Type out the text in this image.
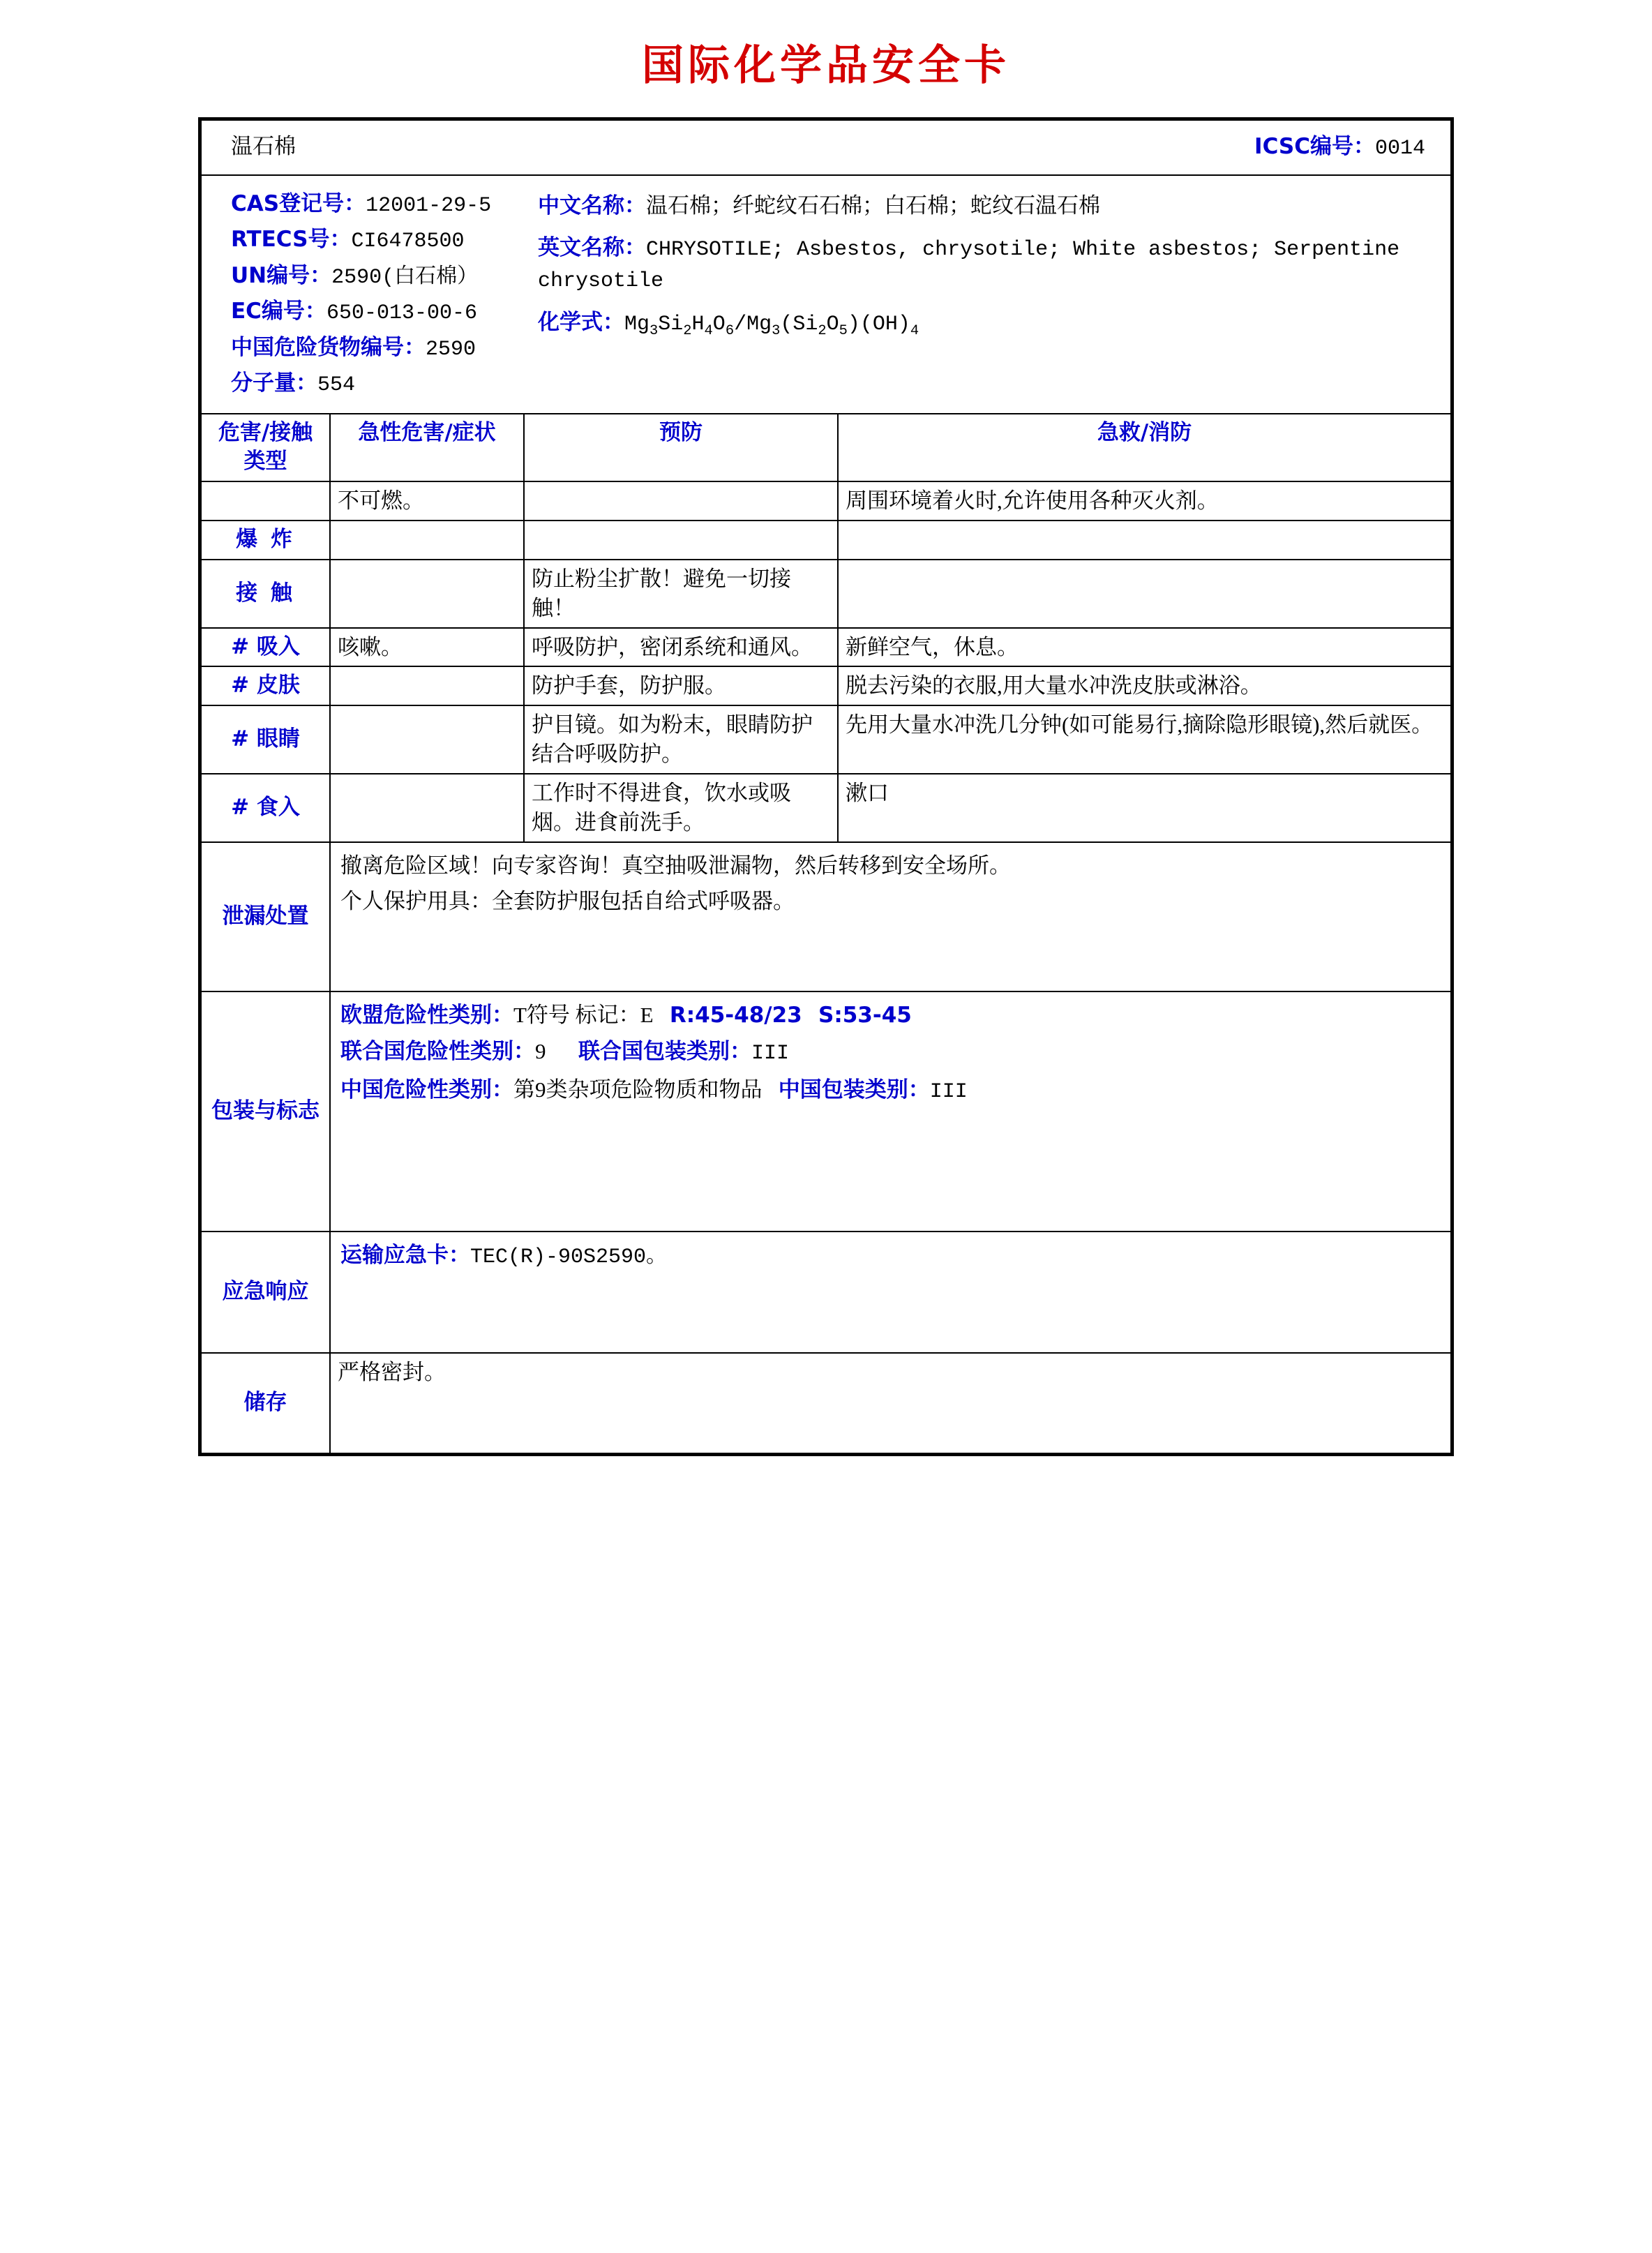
国际化学品安全卡
温石棉		ICSC编号：0014	

CAS登记号：12001-29-5
RTECS号：CI6478500
UN编号：2590(白石棉）
EC编号：650-013-00-6
中国危险货物编号：2590
分子量：554

中文名称：温石棉；纤蛇纹石石棉；白石棉；蛇纹石温石棉
英文名称：CHRYSOTILE; Asbestos, chrysotile; White asbestos; Serpentine chrysotile
化学式：$Mg_3Si_2H_4O_6/Mg_3(Si_2O_5)(OH)_4$

危害/接触类型	急性危害/症状	预防	急救/消防
	不可燃。		周围环境着火时,允许使用各种灭火剂。
爆 炸			
接 触		防止粉尘扩散！避免一切接触！	
# 吸入	咳嗽。	呼吸防护，密闭系统和通风。	新鲜空气，休息。
# 皮肤		防护手套，防护服。	脱去污染的衣服,用大量水冲洗皮肤或淋浴。
# 眼睛		护目镜。如为粉末，眼睛防护结合呼吸防护。	先用大量水冲洗几分钟(如可能易行,摘除隐形眼镜),然后就医。
# 食入		工作时不得进食，饮水或吸烟。进食前洗手。	漱口
泄漏处置	撤离危险区域！向专家咨询！真空抽吸泄漏物，然后转移到安全场所。
个人保护用具：全套防护服包括自给式呼吸器。		

包装与标志	欧盟危险性类别：T符号 标记：E R:45-48/23 S:53-45
联合国危险性类别：9 联合国包装类别：III
中国危险性类别：第9类杂项危险物质和物品 中国包装类别：III		

应急响应	运输应急卡：TEC(R)-90S2590。		

储存	严格密封。		
